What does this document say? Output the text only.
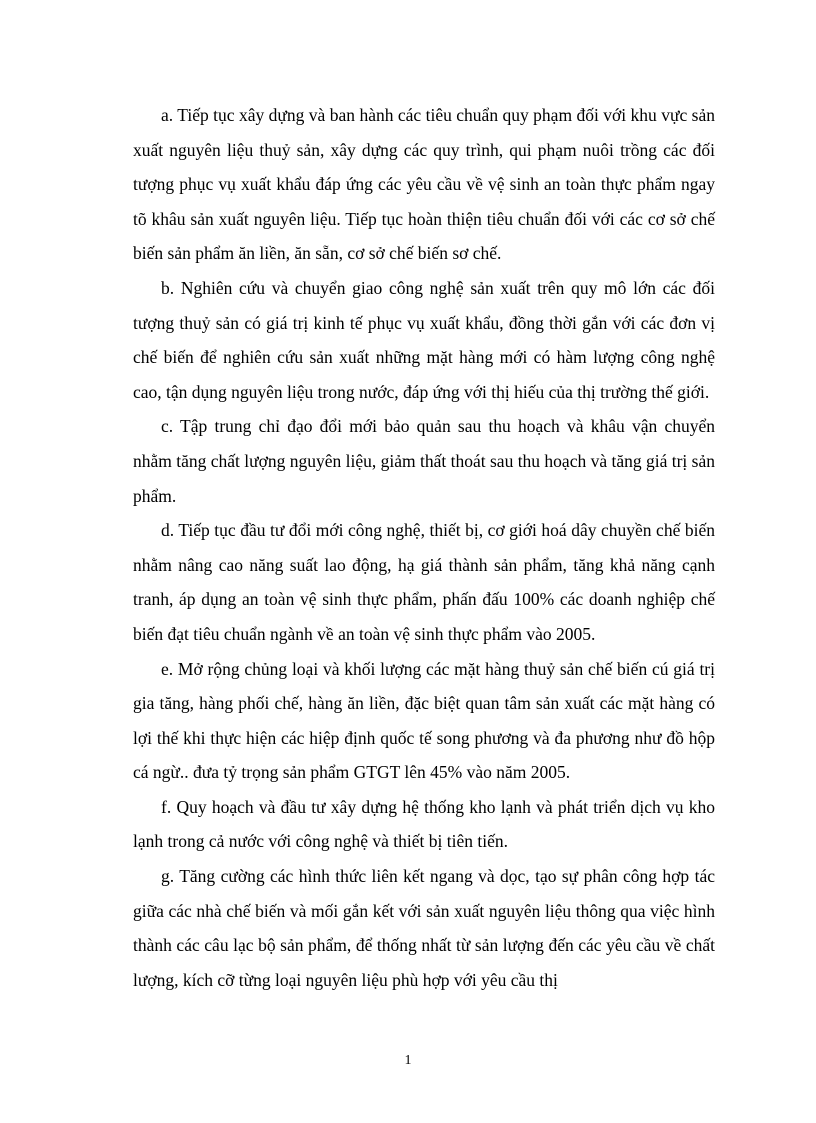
a. Tiếp tục xây dựng và ban hành các tiêu chuẩn quy phạm đối với khu vực sản xuất nguyên liệu thuỷ sản, xây dựng các quy trình, qui phạm nuôi trồng các đối tượng phục vụ xuất khẩu đáp ứng các yêu cầu về vệ sinh an toàn thực phẩm ngay tõ khâu sản xuất nguyên liệu. Tiếp tục hoàn thiện tiêu chuẩn đối với các cơ sở chế biến sản phẩm ăn liền, ăn sẵn, cơ sở chế biến sơ chế.

b. Nghiên cứu và chuyển giao công nghệ sản xuất trên quy mô lớn các đối tượng thuỷ sản có giá trị kinh tế phục vụ xuất khẩu, đồng thời gắn với các đơn vị chế biến để nghiên cứu sản xuất những mặt hàng mới có hàm lượng công nghệ cao, tận dụng nguyên liệu trong nước, đáp ứng với thị hiếu của thị trường thế giới.

c. Tập trung chỉ đạo đổi mới bảo quản sau thu hoạch và khâu vận chuyển nhằm tăng chất lượng nguyên liệu, giảm thất thoát sau thu hoạch và tăng giá trị sản phẩm.

d. Tiếp tục đầu tư đổi mới công nghệ, thiết bị, cơ giới hoá dây chuyền chế biến nhằm nâng cao năng suất lao động, hạ giá thành sản phẩm, tăng khả năng cạnh tranh, áp dụng an toàn vệ sinh thực phẩm, phấn đấu 100% các doanh nghiệp chế biến đạt tiêu chuẩn ngành về an toàn vệ sinh thực phẩm vào 2005.

e. Mở rộng chủng loại và khối lượng các mặt hàng thuỷ sản chế biến cú giá trị gia tăng, hàng phối chế, hàng ăn liền, đặc biệt quan tâm sản xuất các mặt hàng có lợi thế khi thực hiện các hiệp định quốc tế song phương và đa phương như đồ hộp cá ngừ.. đưa tỷ trọng sản phẩm GTGT lên 45% vào năm 2005.

f. Quy hoạch và đầu tư xây dựng hệ thống kho lạnh và phát triển dịch vụ kho lạnh trong cả nước với công nghệ và thiết bị tiên tiến.

g. Tăng cường các hình thức liên kết ngang và dọc, tạo sự phân công hợp tác giữa các nhà chế biến và mối gắn kết với sản xuất nguyên liệu thông qua việc hình thành các câu lạc bộ sản phẩm, để thống nhất từ sản lượng đến các yêu cầu về chất lượng, kích cỡ từng loại nguyên liệu phù hợp với yêu cầu thị

1
